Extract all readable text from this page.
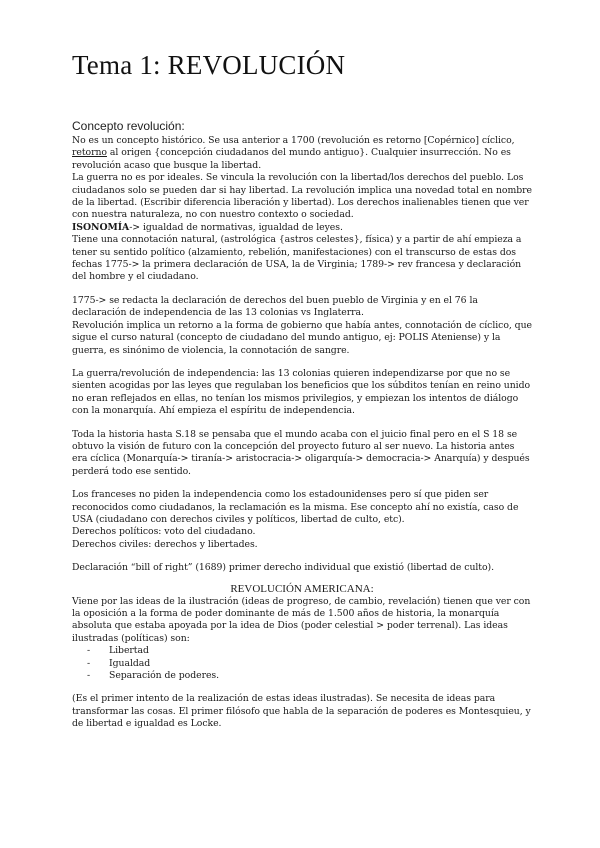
Tema 1: REVOLUCIÓN
Concepto revolución:

No es un concepto histórico. Se usa anterior a 1700 (revolución es retorno [Copérnico] cíclico, retorno al origen {concepción ciudadanos del mundo antiguo}. Cualquier insurrección. No es revolución acaso que busque la libertad.

La guerra no es por ideales. Se vincula la revolución con la libertad/los derechos del pueblo. Los ciudadanos solo se pueden dar si hay libertad. La revolución implica una novedad total en nombre de la libertad. (Escribir diferencia liberación y libertad). Los derechos inalienables tienen que ver con nuestra naturaleza, no con nuestro contexto o sociedad.

ISONOMÍA-> igualdad de normativas, igualdad de leyes.

Tiene una connotación natural, (astrológica {astros celestes}, física) y a partir de ahí empieza a tener su sentido político (alzamiento, rebelión, manifestaciones) con el transcurso de estas dos fechas 1775-> la primera declaración de USA, la de Virginia; 1789-> rev francesa y declaración del hombre y el ciudadano.

1775-> se redacta la declaración de derechos del buen pueblo de Virginia y en el 76 la declaración de independencia de las 13 colonias vs Inglaterra.

Revolución implica un retorno a la forma de gobierno que había antes, connotación de cíclico, que sigue el curso natural (concepto de ciudadano del mundo antiguo, ej: POLIS Ateniense) y la guerra, es sinónimo de violencia, la connotación de sangre.

La guerra/revolución de independencia: las 13 colonias quieren independizarse por que no se sienten acogidas por las leyes que regulaban los beneficios que los súbditos tenían en reino unido no eran reflejados en ellas, no tenían los mismos privilegios, y empiezan los intentos de diálogo con la monarquía. Ahí empieza el espíritu de independencia.

Toda la historia hasta S.18 se pensaba que el mundo acaba con el juicio final pero en el S 18 se obtuvo la visión de futuro con la concepción del proyecto futuro al ser nuevo. La historia antes era cíclica (Monarquía-> tiranía-> aristocracia-> oligarquía-> democracia-> Anarquía) y después perderá todo ese sentido.

Los franceses no piden la independencia como los estadounidenses pero sí que piden ser reconocidos como ciudadanos, la reclamación es la misma. Ese concepto ahí no existía, caso de USA (ciudadano con derechos civiles y políticos, libertad de culto, etc).

Derechos políticos: voto del ciudadano.

Derechos civiles: derechos y libertades.

Declaración “bill of right” (1689) primer derecho individual que existió (libertad de culto).

REVOLUCIÓN AMERICANA:

Viene por las ideas de la ilustración (ideas de progreso, de cambio, revelación) tienen que ver con la oposición a la forma de poder dominante de más de 1.500 años de historia, la monarquía absoluta que estaba apoyada por la idea de Dios (poder celestial > poder terrenal). Las ideas ilustradas (políticas) son:

- Libertad
- Igualdad
- Separación de poderes.

(Es el primer intento de la realización de estas ideas ilustradas). Se necesita de ideas para transformar las cosas. El primer filósofo que habla de la separación de poderes es Montesquieu, y de libertad e igualdad es Locke.
